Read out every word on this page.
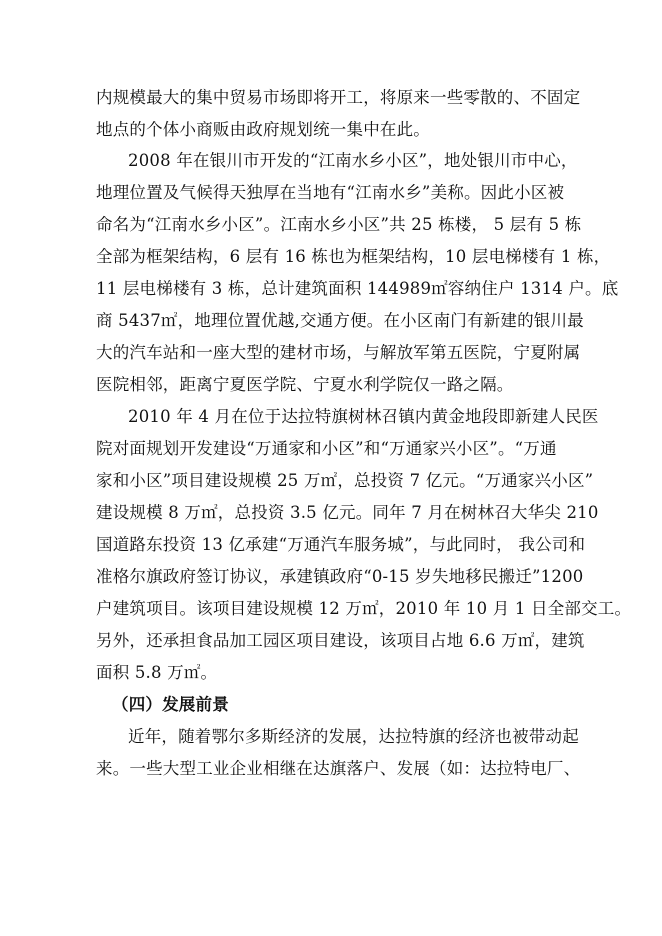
内规模最大的集中贸易市场即将开工，将原来一些零散的、不固定
地点的个体小商贩由政府规划统一集中在此。
2008 年在银川市开发的“江南水乡小区”，地处银川市中心，
地理位置及气候得天独厚在当地有“江南水乡”美称。因此小区被
命名为“江南水乡小区”。江南水乡小区”共 25 栋楼， 5 层有 5 栋
全部为框架结构，6 层有 16 栋也为框架结构，10 层电梯楼有 1 栋，
11 层电梯楼有 3 栋，总计建筑面积 144989㎡容纳住户 1314 户。底
商 5437㎡，地理位置优越,交通方便。在小区南门有新建的银川最
大的汽车站和一座大型的建材市场，与解放军第五医院，宁夏附属
医院相邻，距离宁夏医学院、宁夏水利学院仅一路之隔。
2010 年 4 月在位于达拉特旗树林召镇内黄金地段即新建人民医
院对面规划开发建设“万通家和小区”和“万通家兴小区”。“万通
家和小区”项目建设规模 25 万㎡，总投资 7 亿元。“万通家兴小区”
建设规模 8 万㎡，总投资 3.5 亿元。同年 7 月在树林召大华尖 210
国道路东投资 13 亿承建“万通汽车服务城”，与此同时， 我公司和
准格尔旗政府签订协议，承建镇政府“0-15 岁失地移民搬迁”1200
户建筑项目。该项目建设规模 12 万㎡，2010 年 10 月 1 日全部交工。
另外，还承担食品加工园区项目建设，该项目占地 6.6 万㎡，建筑
面积 5.8 万㎡。
（四）发展前景
近年，随着鄂尔多斯经济的发展，达拉特旗的经济也被带动起
来。一些大型工业企业相继在达旗落户、发展（如：达拉特电厂、
